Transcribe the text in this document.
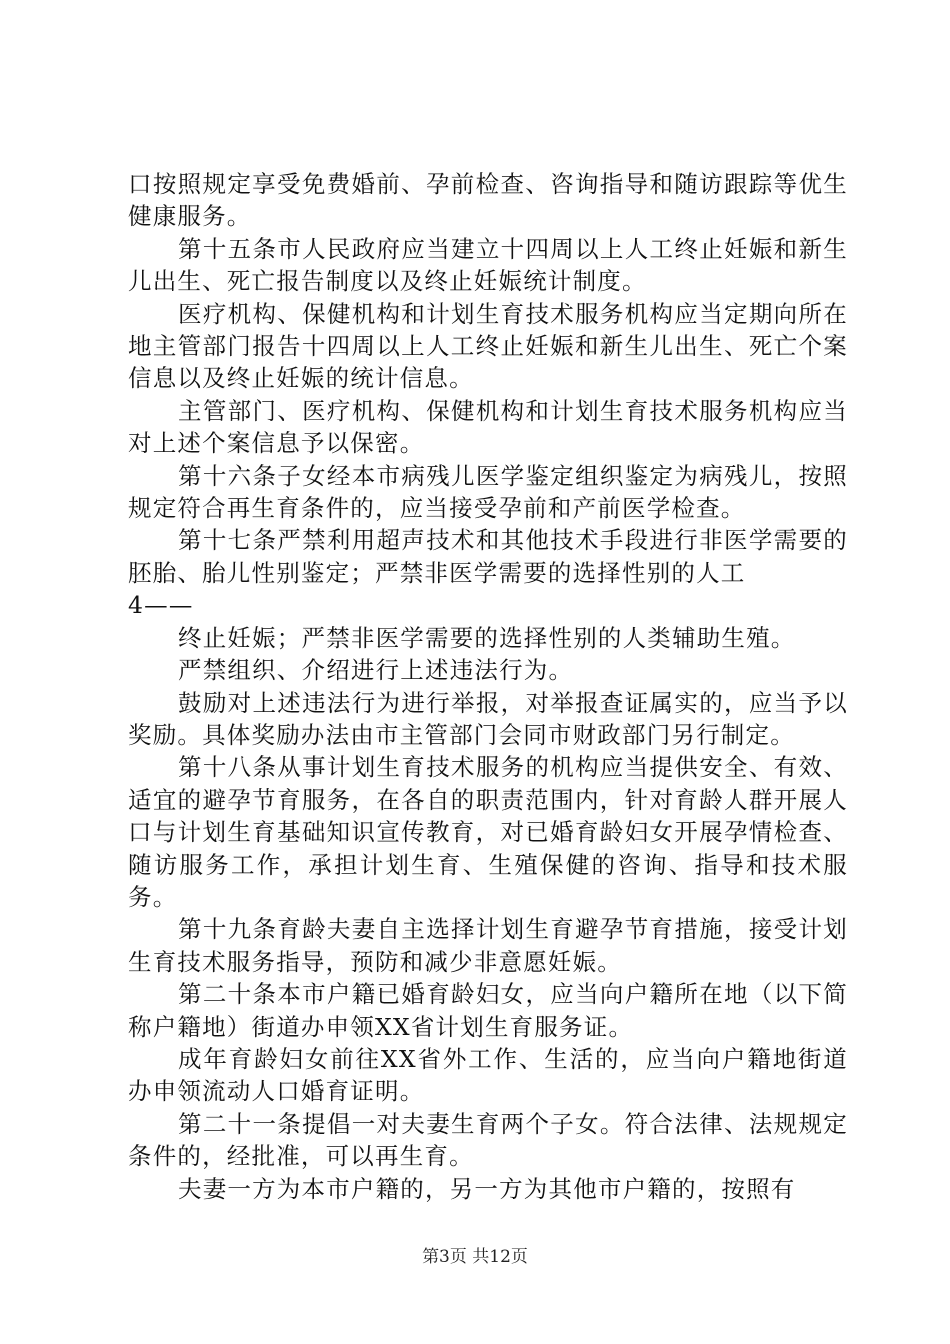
口按照规定享受免费婚前、孕前检查、咨询指导和随访跟踪等优生健康服务。

第十五条市人民政府应当建立十四周以上人工终止妊娠和新生儿出生、死亡报告制度以及终止妊娠统计制度。

医疗机构、保健机构和计划生育技术服务机构应当定期向所在地主管部门报告十四周以上人工终止妊娠和新生儿出生、死亡个案信息以及终止妊娠的统计信息。

主管部门、医疗机构、保健机构和计划生育技术服务机构应当对上述个案信息予以保密。

第十六条子女经本市病残儿医学鉴定组织鉴定为病残儿，按照规定符合再生育条件的，应当接受孕前和产前医学检查。

第十七条严禁利用超声技术和其他技术手段进行非医学需要的胚胎、胎儿性别鉴定；严禁非医学需要的选择性别的人工

4——

终止妊娠；严禁非医学需要的选择性别的人类辅助生殖。

严禁组织、介绍进行上述违法行为。

鼓励对上述违法行为进行举报，对举报查证属实的，应当予以奖励。具体奖励办法由市主管部门会同市财政部门另行制定。

第十八条从事计划生育技术服务的机构应当提供安全、有效、适宜的避孕节育服务，在各自的职责范围内，针对育龄人群开展人口与计划生育基础知识宣传教育，对已婚育龄妇女开展孕情检查、随访服务工作，承担计划生育、生殖保健的咨询、指导和技术服务。

第十九条育龄夫妻自主选择计划生育避孕节育措施，接受计划生育技术服务指导，预防和减少非意愿妊娠。

第二十条本市户籍已婚育龄妇女，应当向户籍所在地（以下简称户籍地）街道办申领XX省计划生育服务证。

成年育龄妇女前往XX省外工作、生活的，应当向户籍地街道办申领流动人口婚育证明。

第二十一条提倡一对夫妻生育两个子女。符合法律、法规规定条件的，经批准，可以再生育。

夫妻一方为本市户籍的，另一方为其他市户籍的，按照有

第3页 共12页
